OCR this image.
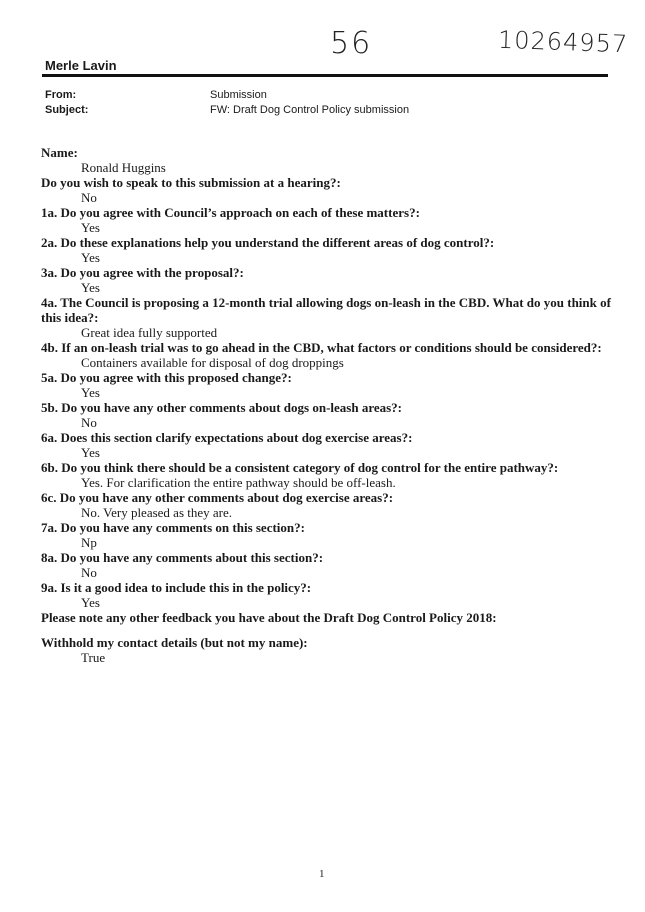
56	10264957
Merle Lavin
From:	Submission
Subject:	FW: Draft Dog Control Policy submission

Name:

Ronald Huggins

Do you wish to speak to this submission at a hearing?:

No

1a. Do you agree with Council’s approach on each of these matters?:

Yes

2a. Do these explanations help you understand the different areas of dog control?:

Yes

3a. Do you agree with the proposal?:

Yes

4a. The Council is proposing a 12-month trial allowing dogs on-leash in the CBD. What do you think of this idea?:

Great idea fully supported

4b. If an on-leash trial was to go ahead in the CBD, what factors or conditions should be considered?:

Containers available for disposal of dog droppings

5a. Do you agree with this proposed change?:

Yes

5b. Do you have any other comments about dogs on-leash areas?:

No

6a. Does this section clarify expectations about dog exercise areas?:

Yes

6b. Do you think there should be a consistent category of dog control for the entire pathway?:

Yes. For clarification the entire pathway should be off-leash.

6c. Do you have any other comments about dog exercise areas?:

No. Very pleased as they are.

7a. Do you have any comments on this section?:

Np

8a. Do you have any comments about this section?:

No

9a. Is it a good idea to include this in the policy?:

Yes

Please note any other feedback you have about the Draft Dog Control Policy 2018:

Withhold my contact details (but not my name):

True

1
